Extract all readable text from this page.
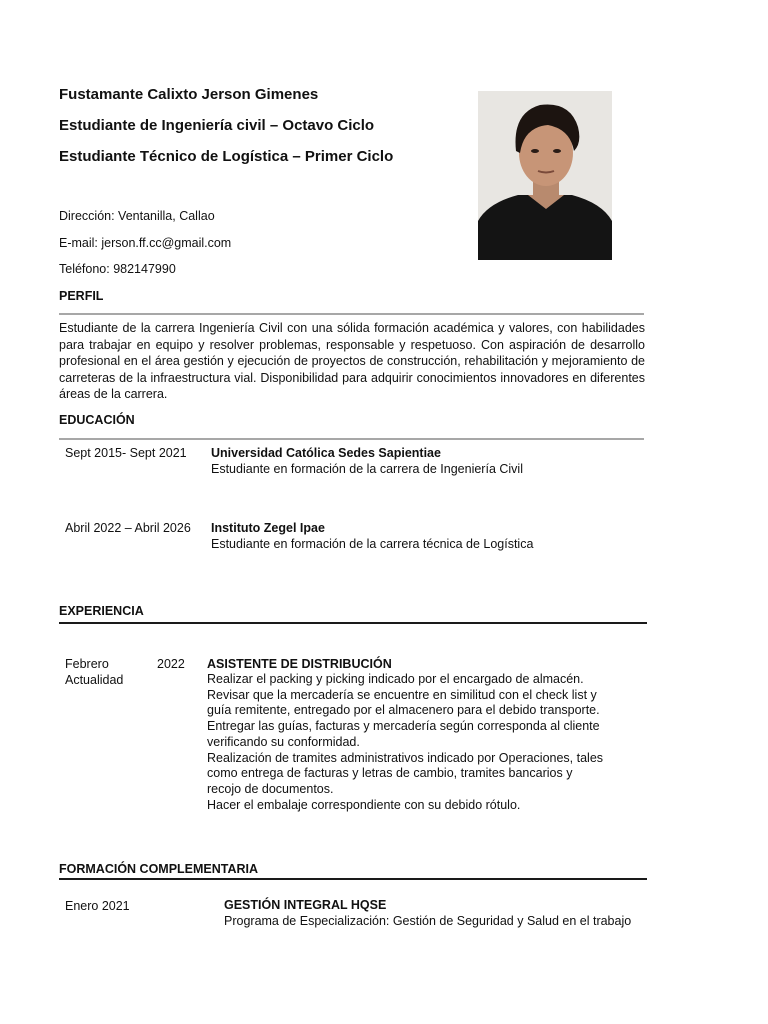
Fustamante Calixto Jerson Gimenes
Estudiante de Ingeniería civil – Octavo Ciclo
Estudiante Técnico de Logística – Primer Ciclo
Dirección: Ventanilla, Callao
E-mail: jerson.ff.cc@gmail.com
Teléfono: 982147990
PERFIL
Estudiante de la carrera Ingeniería Civil con una sólida formación académica y valores, con habilidades para trabajar en equipo y resolver problemas, responsable y respetuoso. Con aspiración de desarrollo profesional en el área gestión y ejecución de proyectos de construcción, rehabilitación y mejoramiento de carreteras de la infraestructura vial. Disponibilidad para adquirir conocimientos innovadores en diferentes áreas de la carrera.
EDUCACIÓN
Sept 2015- Sept 2021 Universidad Católica Sedes Sapientiae
Estudiante en formación de la carrera de Ingeniería Civil
Abril 2022 – Abril 2026 Instituto Zegel Ipae
Estudiante en formación de la carrera técnica de Logística
EXPERIENCIA
Febrero	2022
Actualidad
ASISTENTE DE DISTRIBUCIÓN
Realizar el packing y picking indicado por el encargado de almacén.
Revisar que la mercadería se encuentre en similitud con el check list y
guía remitente, entregado por el almacenero para el debido transporte.
Entregar las guías, facturas y mercadería según corresponda al cliente
verificando su conformidad.
Realización de tramites administrativos indicado por Operaciones, tales
como entrega de facturas y letras de cambio, tramites bancarios y
recojo de documentos.
Hacer el embalaje correspondiente con su debido rótulo.
FORMACIÓN COMPLEMENTARIA
Enero 2021	GESTIÓN INTEGRAL HQSE
Programa de Especialización: Gestión de Seguridad y Salud en el trabajo
